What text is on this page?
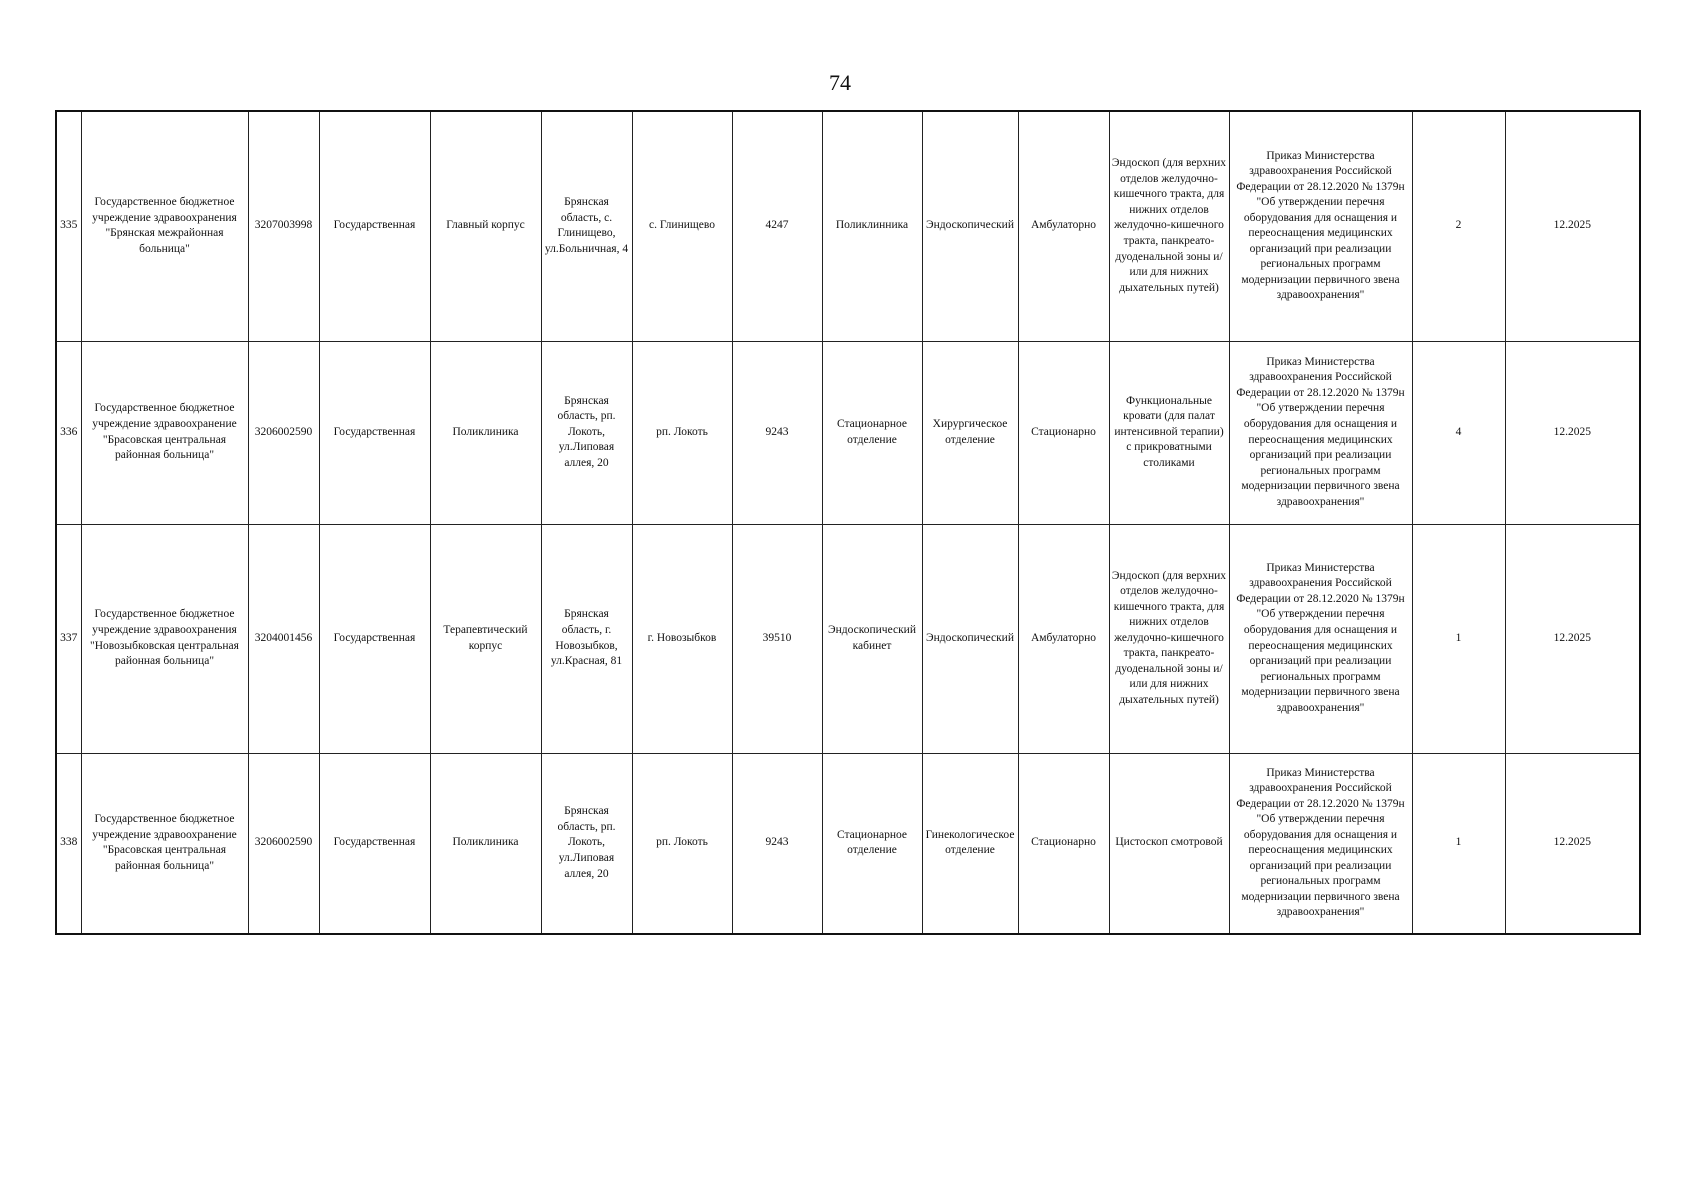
74
335	Государственное бюджетное учреждение здравоохранения "Брянская межрайонная больница"	3207003998	Государственная	Главный корпус	Брянская область, с. Глинищево, ул.Больничная, 4	с. Глинищево	4247	Поликлинника	Эндоскопический	Амбулаторно	Эндоскоп (для верхних отделов желудочно-кишечного тракта, для нижних отделов желудочно-кишечного тракта, панкреато-дуоденальной зоны и/или для нижних дыхательных путей)	Приказ Министерства здравоохранения Российской Федерации от 28.12.2020 № 1379н "Об утверждении перечня оборудования для оснащения и переоснащения медицинских организаций при реализации региональных программ модернизации первичного звена здравоохранения"	2	12.2025
336	Государственное бюджетное учреждение здравоохранение "Брасовская центральная районная больница"	3206002590	Государственная	Поликлиника	Брянская область, рп. Локоть, ул.Липовая аллея, 20	рп. Локоть	9243	Стационарное отделение	Хирургическое отделение	Стационарно	Функциональные кровати (для палат интенсивной терапии) с прикроватными столиками	Приказ Министерства здравоохранения Российской Федерации от 28.12.2020 № 1379н "Об утверждении перечня оборудования для оснащения и переоснащения медицинских организаций при реализации региональных программ модернизации первичного звена здравоохранения"	4	12.2025
337	Государственное бюджетное учреждение здравоохранения "Новозыбковская центральная районная больница"	3204001456	Государственная	Терапевтический корпус	Брянская область, г. Новозыбков, ул.Красная, 81	г. Новозыбков	39510	Эндоскопический кабинет	Эндоскопический	Амбулаторно	Эндоскоп (для верхних отделов желудочно-кишечного тракта, для нижних отделов желудочно-кишечного тракта, панкреато-дуоденальной зоны и/или для нижних дыхательных путей)	Приказ Министерства здравоохранения Российской Федерации от 28.12.2020 № 1379н "Об утверждении перечня оборудования для оснащения и переоснащения медицинских организаций при реализации региональных программ модернизации первичного звена здравоохранения"	1	12.2025
338	Государственное бюджетное учреждение здравоохранение "Брасовская центральная районная больница"	3206002590	Государственная	Поликлиника	Брянская область, рп. Локоть, ул.Липовая аллея, 20	рп. Локоть	9243	Стационарное отделение	Гинекологическое отделение	Стационарно	Цистоскоп смотровой	Приказ Министерства здравоохранения Российской Федерации от 28.12.2020 № 1379н "Об утверждении перечня оборудования для оснащения и переоснащения медицинских организаций при реализации региональных программ модернизации первичного звена здравоохранения"	1	12.2025
